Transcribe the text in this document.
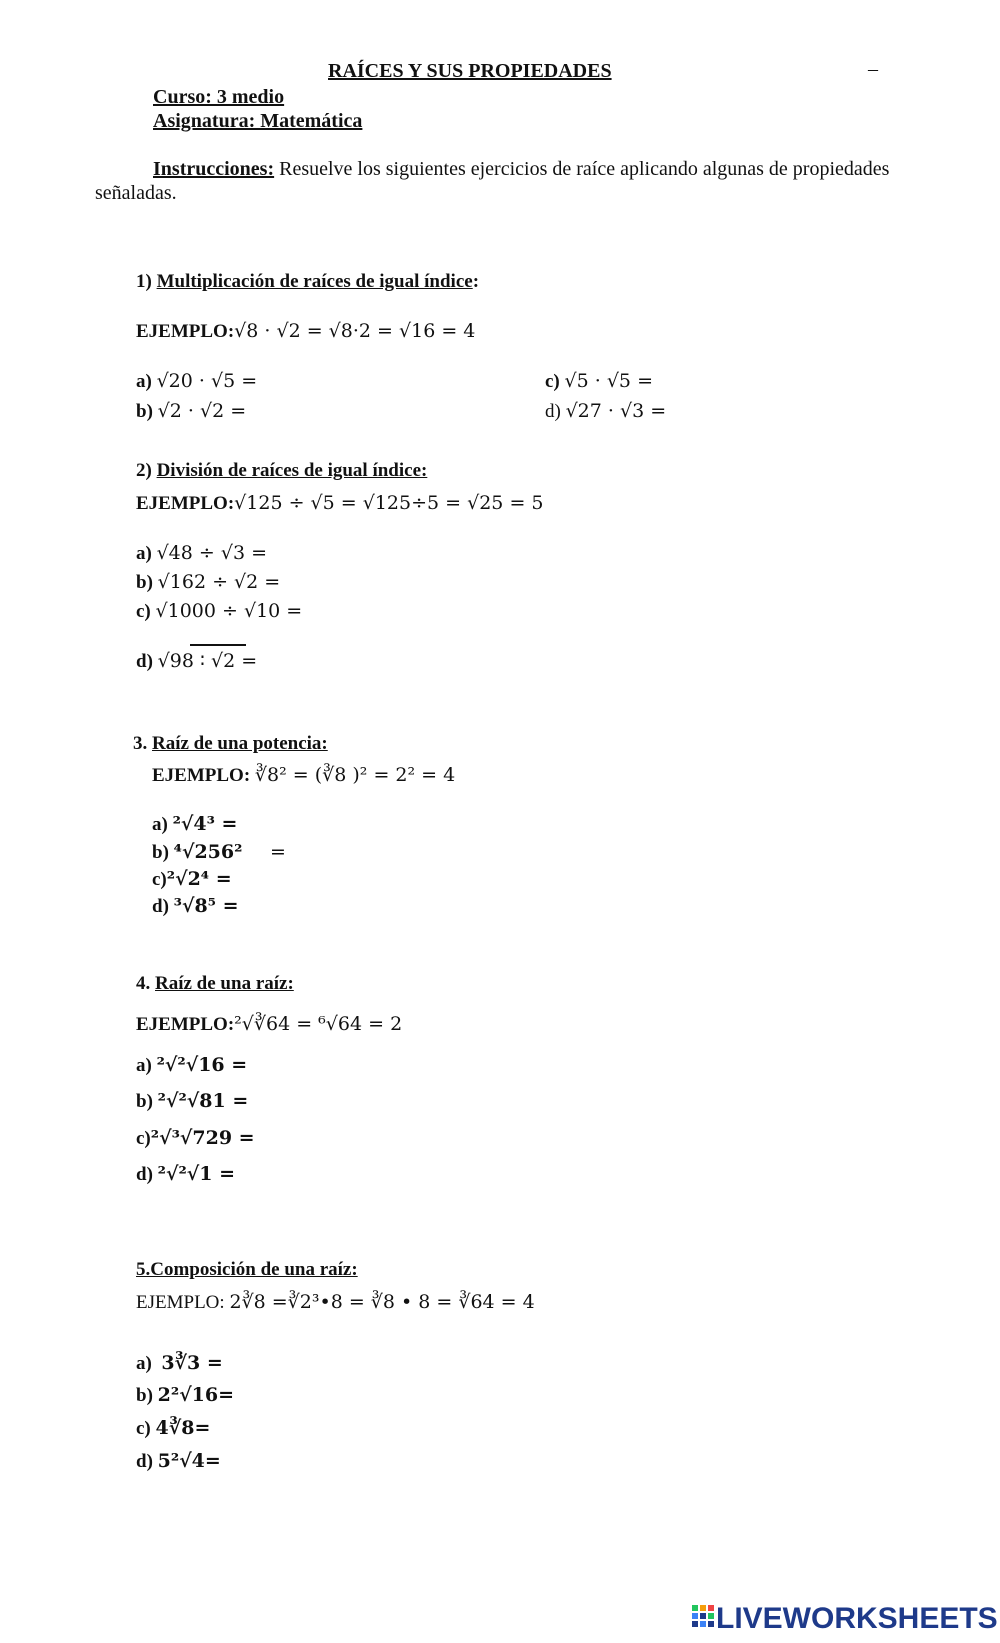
RAÍCES Y SUS PROPIEDADES	–
Curso: 3 medio
Asignatura: Matemática
Instrucciones: Resuelve los siguientes ejercicios de raíce aplicando algunas de propiedades
señaladas.
1) Multiplicación de raíces de igual índice:
EJEMPLO:√8 · √2 = √8·2 = √16 = 4
a) √20 · √5 =
b) √2 · √2 =
c) √5 · √5 =
d) √27 · √3 =
2) División de raíces de igual índice:
EJEMPLO:√125 ÷ √5 = √125÷5 = √25 = 5
a) √48 ÷ √3 =
b) √162 ÷ √2 =
c) √1000 ÷ √10 =
d) √98 ∶ √2 =
3. Raíz de una potencia:
EJEMPLO: ∛8² = (∛8 )² = 2² = 4
a) ²√4³ =
b) ⁴√256² =
c)²√2⁴ =
d) ³√8⁵ =
4. Raíz de una raíz:
EJEMPLO:²√∛64 = ⁶√64 = 2
a) ²√²√16 =
b) ²√²√81 =
c)²√³√729 =
d) ²√²√1 =
5.Composición de una raíz:
EJEMPLO: 2∛8 =∛2³•8 = ∛8 • 8 = ∛64 = 4
a) 3∛3 =
b) 2²√16=
c) 4∛8=
d) 5²√4=
LIVEWORKSHEETS
